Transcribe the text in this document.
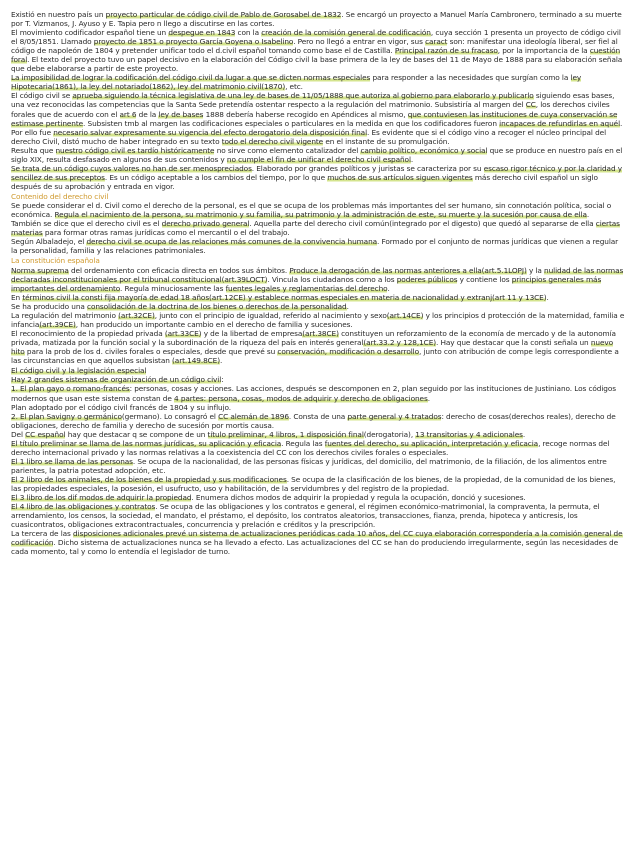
Existió en nuestro país un proyecto particular de código civil de Pablo de Gorosabel de 1832. Se encargó un proyecto a Manuel María Cambronero, terminado a su muerte por T. Vizmanos, J. Ayuso y E. Tapia pero n llego a discutirse en las cortes.

El movimiento codificador español tiene un despegue en 1843 con la creación de la comisión general de codificación, cuya sección 1 presenta un proyecto de código civil el 8/05/1851. Llamado proyecto de 1851 o proyecto García Goyena o Isabelino. Pero no llegó a entrar en vigor, sus caract son: manifestar una ideología liberal, ser fiel al código de napoleón de 1804 y pretender unificar todo el d.civil español tomando como base el de Castilla. Principal razón de su fracaso, por la importancia de la cuestión foral. El texto del proyecto tuvo un papel decisivo en la elaboración del Código civil la base primera de la ley de bases del 11 de Mayo de 1888 para su elaboración señala que debe elaborarse a partir de este proyecto.

La imposibilidad de lograr la codificación del código civil da lugar a que se dicten normas especiales para responder a las necesidades que surgían como la ley Hipotecaria(1861), la ley del notariado(1862), ley del matrimonio civil(1870), etc.

El código civil se aprueba siguiendo la técnica legislativa de una ley de bases de 11/05/1888 que autoriza al gobierno para elaborarlo y publicarlo siguiendo esas bases, una vez reconocidas las competencias que la Santa Sede pretendía ostentar respecto a la regulación del matrimonio. Subsistiría al margen del CC, los derechos civiles forales que de acuerdo con el art 6 de la ley de bases 1888 debería haberse recogido en Apéndices al mismo, que contuviesen las instituciones de cuya conservación se estimase pertinente. Subsisten tmb al margen las codificaciones especiales o particulares en la medida en que los codificadores fueron incapaces de refundirlas en aquél. Por ello fue necesario salvar expresamente su vigencia del efecto derogatorio dela disposición final. Es evidente que si el código vino a recoger el núcleo principal del derecho Civil, distó mucho de haber integrado en su texto todo el derecho civil vigente en el instante de su promulgación.

Resulta que nuestro código civil es tardío históricamente no sirve como elemento catalizador del cambio político, económico y social que se produce en nuestro país en el siglo XIX, resulta desfasado en algunos de sus contenidos y no cumple el fin de unificar el derecho civil español.

Se trata de un código cuyos valores no han de ser menospreciados. Elaborado por grandes políticos y juristas se caracteriza por su escaso rigor técnico y por la claridad y sencillez de sus preceptos. Es un código aceptable a los cambios del tiempo, por lo que muchos de sus artículos siguen vigentes más derecho civil español un siglo después de su aprobación y entrada en vigor.

Contenido del derecho civil

Se puede considerar el d. Civil como el derecho de la personal, es el que se ocupa de los problemas más importantes del ser humano, sin connotación política, social o económica. Regula el nacimiento de la persona, su matrimonio y su familia, su patrimonio y la administración de este, su muerte y la sucesión por causa de ella.

También se dice que el derecho civil es el derecho privado general. Aquella parte del derecho civil común(integrado por el digesto) que quedó al separarse de ella ciertas materias para formar otras ramas jurídicas como el mercantil o el del trabajo.

Según Albaladejo, el derecho civil se ocupa de las relaciones más comunes de la convivencia humana. Formado por el conjunto de normas jurídicas que vienen a regular la personalidad, familia y las relaciones patrimoniales.

La constitución española

Norma suprema del ordenamiento con eficacia directa en todos sus ámbitos. Produce la derogación de las normas anteriores a ella(art.5.1LOPJ) y la nulidad de las normas declaradas inconstitucionales por el tribunal constitucional(art.39LOCT). Vincula los ciudadanos como a los poderes públicos y contiene los principios generales más importantes del ordenamiento. Regula minuciosamente las fuentes legales y reglamentarias del derecho.

En términos civil la consti fija mayoría de edad 18 años(art.12CE) y establece normas especiales en materia de nacionalidad y extranj(art 11 y 13CE).

Se ha producido una consolidación de la doctrina de los bienes o derechos de la personalidad.

La regulación del matrimonio (art.32CE), junto con el principio de igualdad, referido al nacimiento y sexo(art.14CE) y los principios d protección de la maternidad, familia e infancia(art.39CE), han producido un importante cambio en el derecho de familia y sucesiones.

El reconocimiento de la propiedad privada (art.33CE) y de la libertad de empresa(art.38CE) constituyen un reforzamiento de la economía de mercado y de la autonomía privada, matizada por la función social y la subordinación de la riqueza del país en interés general(art.33.2 y 128,1CE). Hay que destacar que la consti señala un nuevo hito para la prob de los d. civiles forales o especiales, desde que prevé su conservación, modificación o desarrollo, junto con atribución de compe legis correspondiente a las circunstancias en que aquellos subsistan (art.149.8CE).

El código civil y la legislación especial

Hay 2 grandes sistemas de organización de un código civil:

1. El plan gayo o romano-francés: personas, cosas y acciones. Las acciones, después se descomponen en 2, plan seguido por las instituciones de Justiniano. Los códigos modernos que usan este sistema constan de 4 partes: persona, cosas, modos de adquirir y derecho de obligaciones.

Plan adoptado por el código civil francés de 1804 y su influjo.

2. El plan Savigny o germánico(germano). Lo consagró el CC alemán de 1896. Consta de una parte general y 4 tratados: derecho de cosas(derechos reales), derecho de obligaciones, derecho de familia y derecho de sucesión por mortis causa.

Del CC español hay que destacar q se compone de un título preliminar, 4 libros, 1 disposición final(derogatoria), 13 transitorias y 4 adicionales.

El título preliminar se llama de las normas jurídicas, su aplicación y eficacia. Regula las fuentes del derecho, su aplicación, interpretación y eficacia, recoge normas del derecho internacional privado y las normas relativas a la coexistencia del CC con los derechos civiles forales o especiales.

El 1 libro se llama de las personas. Se ocupa de la nacionalidad, de las personas físicas y jurídicas, del domicilio, del matrimonio, de la filiación, de los alimentos entre parientes, la patria potestad adopción, etc.

El 2 libro de los animales, de los bienes de la propiedad y sus modificaciones. Se ocupa de la clasificación de los bienes, de la propiedad, de la comunidad de los bienes, las propiedades especiales, la posesión, el usufructo, uso y habilitación, de la servidumbres y del registro de la propiedad.

El 3 libro de los dif modos de adquirir la propiedad. Enumera dichos modos de adquirir la propiedad y regula la ocupación, donció y sucesiones.

El 4 libro de las obligaciones y contratos. Se ocupa de las obligaciones y los contratos e general, el régimen económico-matrimonial, la compraventa, la permuta, el arrendamiento, los censos, la sociedad, el mandato, el préstamo, el depósito, los contratos aleatorios, transacciones, fianza, prenda, hipoteca y anticresis, los cuasicontratos, obligaciones extracontractuales, concurrencia y prelación e créditos y la prescripción.

La tercera de las disposiciones adicionales prevé un sistema de actualizaciones periódicas cada 10 años, del CC cuya elaboración correspondería a la comisión general de codificación. Dicho sistema de actualizaciones nunca se ha llevado a efecto. Las actualizaciones del CC se han do produciendo irregularmente, según las necesidades de cada momento, tal y como lo entendía el legislador de turno.
